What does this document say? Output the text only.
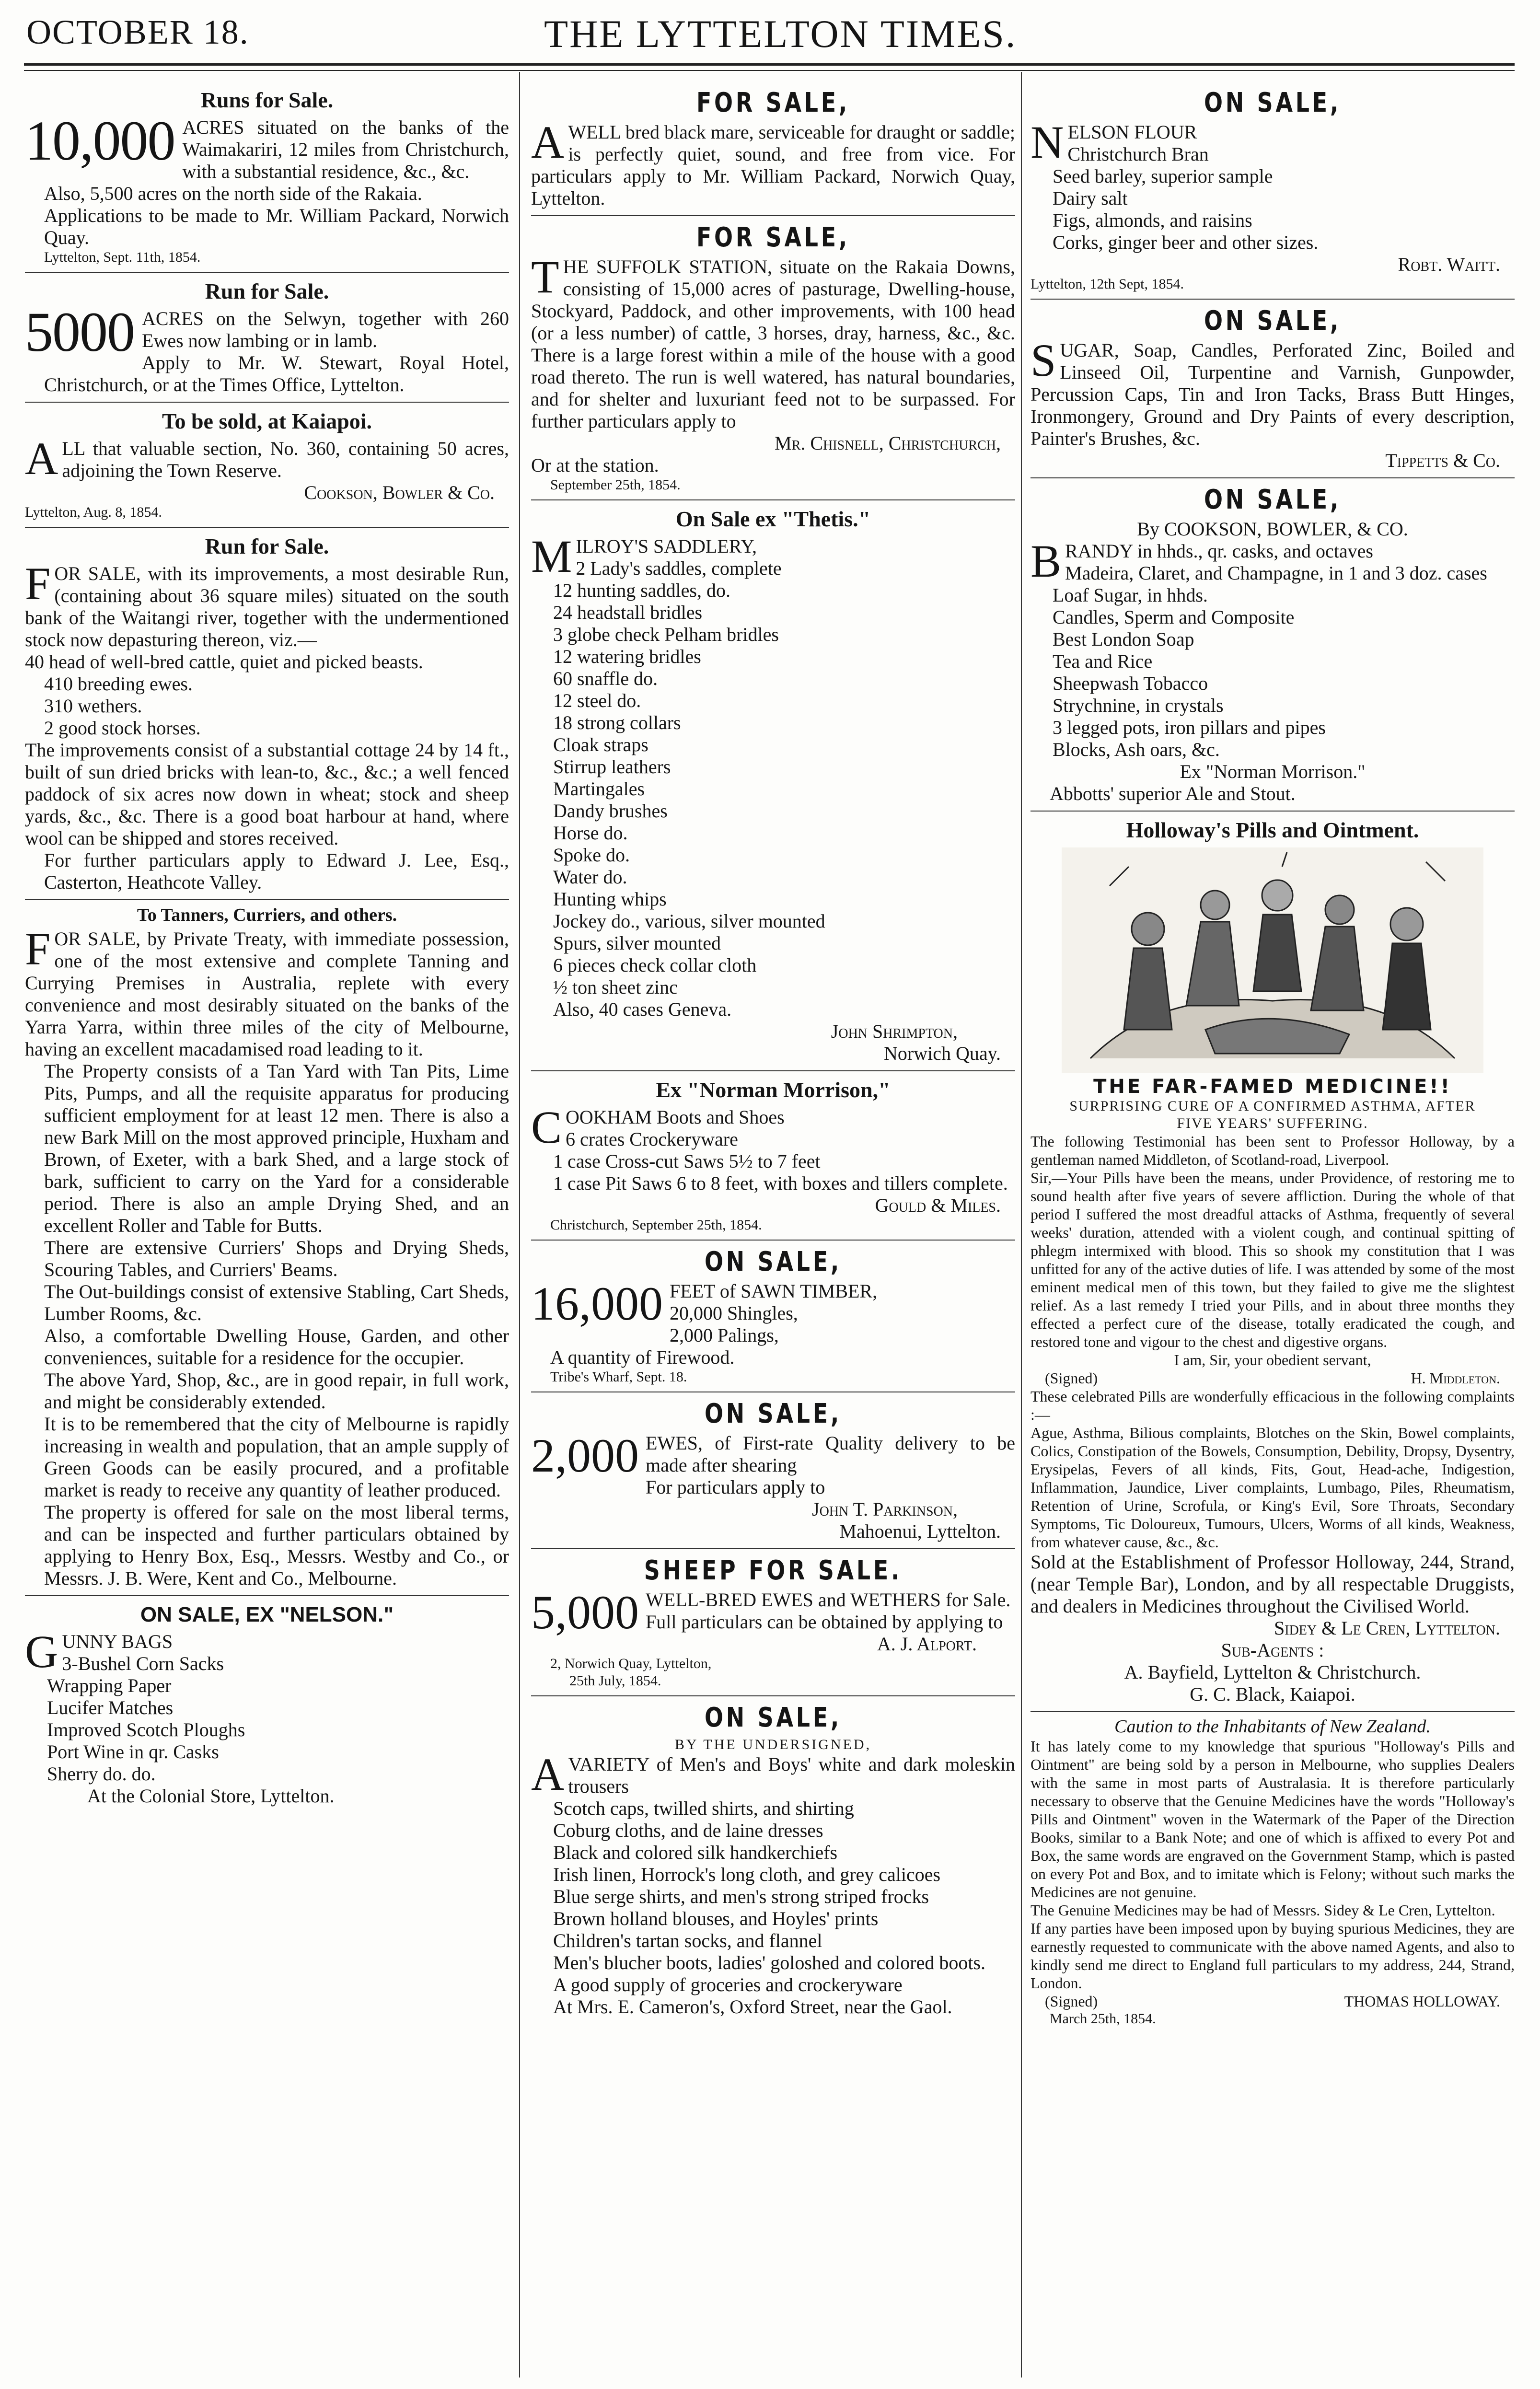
OCTOBER 18.	THE LYTTELTON TIMES.
Runs for Sale.
10,000 ACRES situated on the banks of the Waimakariri, 12 miles from Christchurch, with a substantial residence, &c., &c.

Also, 5,500 acres on the north side of the Rakaia.

Applications to be made to Mr. William Packard, Norwich Quay.

Lyttelton, Sept. 11th, 1854.

Run for Sale.
5000 ACRES on the Selwyn, together with 260 Ewes now lambing or in lamb.

Apply to Mr. W. Stewart, Royal Hotel, Christchurch, or at the Times Office, Lyttelton.

To be sold, at Kaiapoi.
A LL that valuable section, No. 360, containing 50 acres, adjoining the Town Reserve.

Cookson, Bowler & Co.

Lyttelton, Aug. 8, 1854.

Run for Sale.
F OR SALE, with its improvements, a most desirable Run, (containing about 36 square miles) situated on the south bank of the Waitangi river, together with the undermentioned stock now depasturing thereon, viz.—

40 head of well-bred cattle, quiet and picked beasts.

410 breeding ewes.

310 wethers.

2 good stock horses.

The improvements consist of a substantial cottage 24 by 14 ft., built of sun dried bricks with lean-to, &c., &c.; a well fenced paddock of six acres now down in wheat; stock and sheep yards, &c., &c. There is a good boat harbour at hand, where wool can be shipped and stores received.

For further particulars apply to Edward J. Lee, Esq., Casterton, Heathcote Valley.

To Tanners, Curriers, and others.
F OR SALE, by Private Treaty, with immediate possession, one of the most extensive and complete Tanning and Currying Premises in Australia, replete with every convenience and most desirably situated on the banks of the Yarra Yarra, within three miles of the city of Melbourne, having an excellent macadamised road leading to it.

The Property consists of a Tan Yard with Tan Pits, Lime Pits, Pumps, and all the requisite apparatus for producing sufficient employment for at least 12 men. There is also a new Bark Mill on the most approved principle, Huxham and Brown, of Exeter, with a bark Shed, and a large stock of bark, sufficient to carry on the Yard for a considerable period. There is also an ample Drying Shed, and an excellent Roller and Table for Butts.

There are extensive Curriers' Shops and Drying Sheds, Scouring Tables, and Curriers' Beams.

The Out-buildings consist of extensive Stabling, Cart Sheds, Lumber Rooms, &c.

Also, a comfortable Dwelling House, Garden, and other conveniences, suitable for a residence for the occupier.

The above Yard, Shop, &c., are in good repair, in full work, and might be considerably extended.

It is to be remembered that the city of Melbourne is rapidly increasing in wealth and population, that an ample supply of Green Goods can be easily procured, and a profitable market is ready to receive any quantity of leather produced.

The property is offered for sale on the most liberal terms, and can be inspected and further particulars obtained by applying to Henry Box, Esq., Messrs. Westby and Co., or Messrs. J. B. Were, Kent and Co., Melbourne.

ON SALE, EX "NELSON."
G UNNY BAGS

3-Bushel Corn Sacks
Wrapping Paper
Lucifer Matches
Improved Scotch Ploughs
Port Wine in qr. Casks
Sherry do. do.
At the Colonial Store, Lyttelton.
FOR SALE,
A WELL bred black mare, serviceable for draught or saddle; is perfectly quiet, sound, and free from vice. For particulars apply to Mr. William Packard, Norwich Quay, Lyttelton.

FOR SALE,
T HE SUFFOLK STATION, situate on the Rakaia Downs, consisting of 15,000 acres of pasturage, Dwelling-house, Stockyard, Paddock, and other improvements, with 100 head (or a less number) of cattle, 3 horses, dray, harness, &c., &c. There is a large forest within a mile of the house with a good road thereto. The run is well watered, has natural boundaries, and for shelter and luxuriant feed not to be surpassed. For further particulars apply to

Mr. Chisnell, Christchurch,

Or at the station.

September 25th, 1854.

On Sale ex "Thetis."
M ILROY'S SADDLERY,

2 Lady's saddles, complete
12 hunting saddles, do.
24 headstall bridles
3 globe check Pelham bridles
12 watering bridles
60 snaffle do.
12 steel do.
18 strong collars
Cloak straps
Stirrup leathers
Martingales
Dandy brushes
Horse do.
Spoke do.
Water do.
Hunting whips
Jockey do., various, silver mounted
Spurs, silver mounted
6 pieces check collar cloth
½ ton sheet zinc
Also, 40 cases Geneva.

John Shrimpton,

Norwich Quay.

Ex "Norman Morrison,"
C OOKHAM Boots and Shoes

6 crates Crockeryware
1 case Cross-cut Saws 5½ to 7 feet
1 case Pit Saws 6 to 8 feet, with boxes and tillers complete.

Gould & Miles.

Christchurch, September 25th, 1854.

ON SALE,
16,000 FEET of SAWN TIMBER,

20,000 Shingles,

2,000 Palings,

A quantity of Firewood.

Tribe's Wharf, Sept. 18.

ON SALE,
2,000 EWES, of First-rate Quality delivery to be made after shearing

For particulars apply to

John T. Parkinson,

Mahoenui, Lyttelton.

SHEEP FOR SALE.
5,000 WELL-BRED EWES and WETHERS for Sale.

Full particulars can be obtained by applying to

A. J. Alport.

2, Norwich Quay, Lyttelton,

25th July, 1854.

ON SALE,

BY THE UNDERSIGNED,

A VARIETY of Men's and Boys' white and dark moleskin trousers

Scotch caps, twilled shirts, and shirting
Coburg cloths, and de laine dresses
Black and colored silk handkerchiefs
Irish linen, Horrock's long cloth, and grey calicoes
Blue serge shirts, and men's strong striped frocks
Brown holland blouses, and Hoyles' prints
Children's tartan socks, and flannel
Men's blucher boots, ladies' goloshed and colored boots.
A good supply of groceries and crockeryware
At Mrs. E. Cameron's, Oxford Street, near the Gaol.
ON SALE,
N ELSON FLOUR

Christchurch Bran
Seed barley, superior sample
Dairy salt
Figs, almonds, and raisins
Corks, ginger beer and other sizes.

Robt. Waitt.

Lyttelton, 12th Sept, 1854.

ON SALE,
S UGAR, Soap, Candles, Perforated Zinc, Boiled and Linseed Oil, Turpentine and Varnish, Gunpowder, Percussion Caps, Tin and Iron Tacks, Brass Butt Hinges, Ironmongery, Ground and Dry Paints of every description, Painter's Brushes, &c.

Tippetts & Co.

ON SALE,

By COOKSON, BOWLER, & CO.

B RANDY in hhds., qr. casks, and octaves

Madeira, Claret, and Champagne, in 1 and 3 doz. cases
Loaf Sugar, in hhds.
Candles, Sperm and Composite
Best London Soap
Tea and Rice
Sheepwash Tobacco
Strychnine, in crystals
3 legged pots, iron pillars and pipes
Blocks, Ash oars, &c.

Ex "Norman Morrison."

Abbotts' superior Ale and Stout.

Holloway's Pills and Ointment.
THE FAR-FAMED MEDICINE!!

SURPRISING CURE OF A CONFIRMED ASTHMA, AFTER FIVE YEARS' SUFFERING.

The following Testimonial has been sent to Professor Holloway, by a gentleman named Middleton, of Scotland-road, Liverpool.

Sir,—Your Pills have been the means, under Providence, of restoring me to sound health after five years of severe affliction. During the whole of that period I suffered the most dreadful attacks of Asthma, frequently of several weeks' duration, attended with a violent cough, and continual spitting of phlegm intermixed with blood. This so shook my constitution that I was unfitted for any of the active duties of life. I was attended by some of the most eminent medical men of this town, but they failed to give me the slightest relief. As a last remedy I tried your Pills, and in about three months they effected a perfect cure of the disease, totally eradicated the cough, and restored tone and vigour to the chest and digestive organs.

I am, Sir, your obedient servant,

(Signed)	H. Middleton.

These celebrated Pills are wonderfully efficacious in the following complaints :—

Ague, Asthma, Bilious complaints, Blotches on the Skin, Bowel complaints, Colics, Constipation of the Bowels, Consumption, Debility, Dropsy, Dysentry, Erysipelas, Fevers of all kinds, Fits, Gout, Head-ache, Indigestion, Inflammation, Jaundice, Liver complaints, Lumbago, Piles, Rheumatism, Retention of Urine, Scrofula, or King's Evil, Sore Throats, Secondary Symptoms, Tic Doloureux, Tumours, Ulcers, Worms of all kinds, Weakness, from whatever cause, &c., &c.

Sold at the Establishment of Professor Holloway, 244, Strand, (near Temple Bar), London, and by all respectable Druggists, and dealers in Medicines throughout the Civilised World.

Sidey & Le Cren, Lyttelton.

Sub-Agents :

A. Bayfield, Lyttelton & Christchurch.

G. C. Black, Kaiapoi.

Caution to the Inhabitants of New Zealand.

It has lately come to my knowledge that spurious "Holloway's Pills and Ointment" are being sold by a person in Melbourne, who supplies Dealers with the same in most parts of Australasia. It is therefore particularly necessary to observe that the Genuine Medicines have the words "Holloway's Pills and Ointment" woven in the Watermark of the Paper of the Direction Books, similar to a Bank Note; and one of which is affixed to every Pot and Box, the same words are engraved on the Government Stamp, which is pasted on every Pot and Box, and to imitate which is Felony; without such marks the Medicines are not genuine.

The Genuine Medicines may be had of Messrs. Sidey & Le Cren, Lyttelton.

If any parties have been imposed upon by buying spurious Medicines, they are earnestly requested to communicate with the above named Agents, and also to kindly send me direct to England full particulars to my address, 244, Strand, London.

(Signed)	THOMAS HOLLOWAY.

March 25th, 1854.
